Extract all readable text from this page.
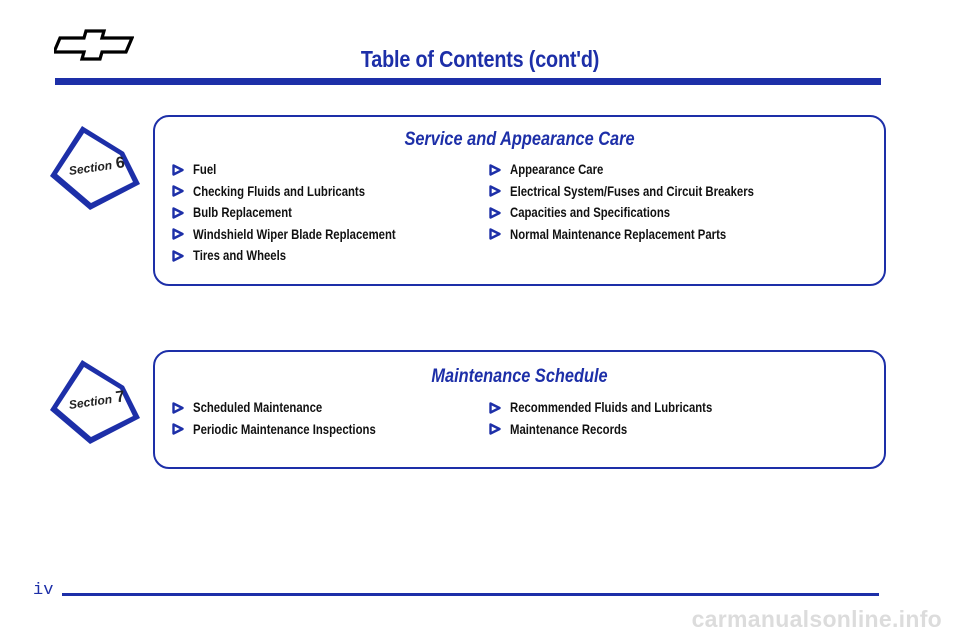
Table of Contents (cont'd)
Section 6
Service and Appearance Care
Fuel
Checking Fluids and Lubricants
Bulb Replacement
Windshield Wiper Blade Replacement
Tires and Wheels
Appearance Care
Electrical System/Fuses and Circuit Breakers
Capacities and Specifications
Normal Maintenance Replacement Parts
Section 7
Maintenance Schedule
Scheduled Maintenance
Periodic Maintenance Inspections
Recommended Fluids and Lubricants
Maintenance Records
iv
carmanualsonline.info
